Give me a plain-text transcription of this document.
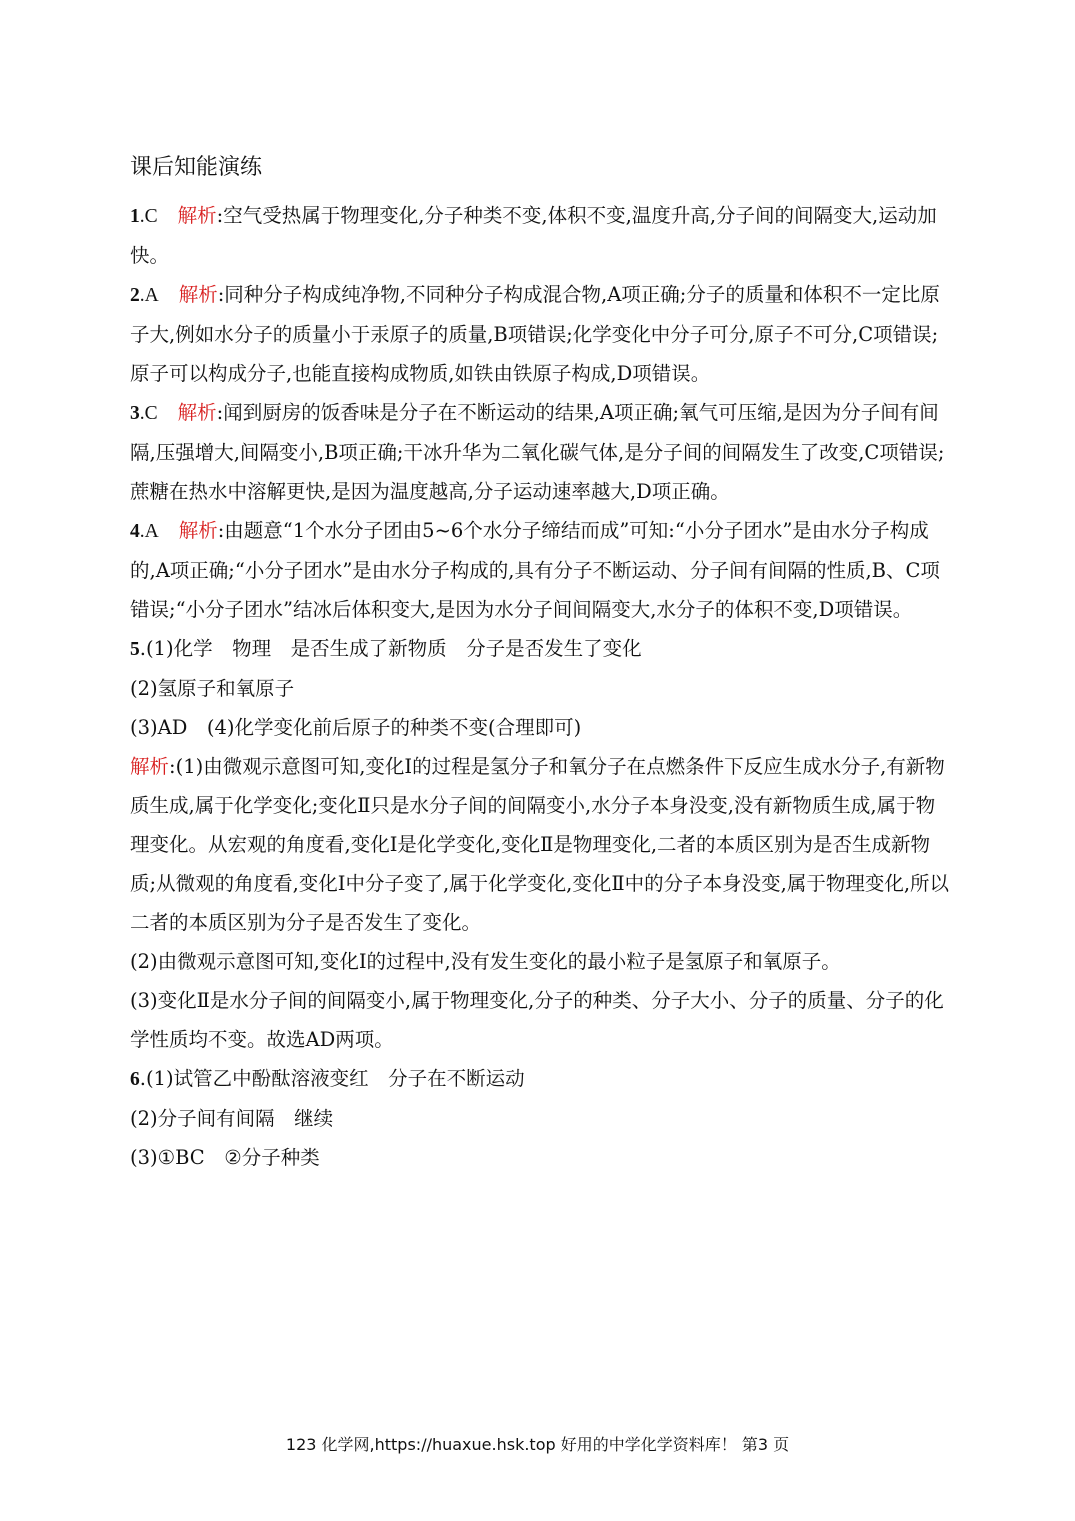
课后知能演练

1.C 解析:空气受热属于物理变化,分子种类不变,体积不变,温度升高,分子间的间隔变大,运动加快。

2.A 解析:同种分子构成纯净物,不同种分子构成混合物,A项正确;分子的质量和体积不一定比原子大,例如水分子的质量小于汞原子的质量,B项错误;化学变化中分子可分,原子不可分,C项错误;原子可以构成分子,也能直接构成物质,如铁由铁原子构成,D项错误。

3.C 解析:闻到厨房的饭香味是分子在不断运动的结果,A项正确;氧气可压缩,是因为分子间有间隔,压强增大,间隔变小,B项正确;干冰升华为二氧化碳气体,是分子间的间隔发生了改变,C项错误;蔗糖在热水中溶解更快,是因为温度越高,分子运动速率越大,D项正确。

4.A 解析:由题意“1个水分子团由5~6个水分子缔结而成”可知:“小分子团水”是由水分子构成的,A项正确;“小分子团水”是由水分子构成的,具有分子不断运动、分子间有间隔的性质,B、C项错误;“小分子团水”结冰后体积变大,是因为水分子间间隔变大,水分子的体积不变,D项错误。

5.(1)化学　物理　是否生成了新物质　分子是否发生了变化

(2)氢原子和氧原子

(3)AD　(4)化学变化前后原子的种类不变(合理即可)

解析:(1)由微观示意图可知,变化Ⅰ的过程是氢分子和氧分子在点燃条件下反应生成水分子,有新物质生成,属于化学变化;变化Ⅱ只是水分子间的间隔变小,水分子本身没变,没有新物质生成,属于物理变化。从宏观的角度看,变化Ⅰ是化学变化,变化Ⅱ是物理变化,二者的本质区别为是否生成新物质;从微观的角度看,变化Ⅰ中分子变了,属于化学变化,变化Ⅱ中的分子本身没变,属于物理变化,所以二者的本质区别为分子是否发生了变化。

(2)由微观示意图可知,变化Ⅰ的过程中,没有发生变化的最小粒子是氢原子和氧原子。

(3)变化Ⅱ是水分子间的间隔变小,属于物理变化,分子的种类、分子大小、分子的质量、分子的化学性质均不变。故选AD两项。

6.(1)试管乙中酚酞溶液变红　分子在不断运动

(2)分子间有间隔　继续

(3)①BC　②分子种类

123 化学网,https://huaxue.hsk.top 好用的中学化学资料库！ 第3 页
